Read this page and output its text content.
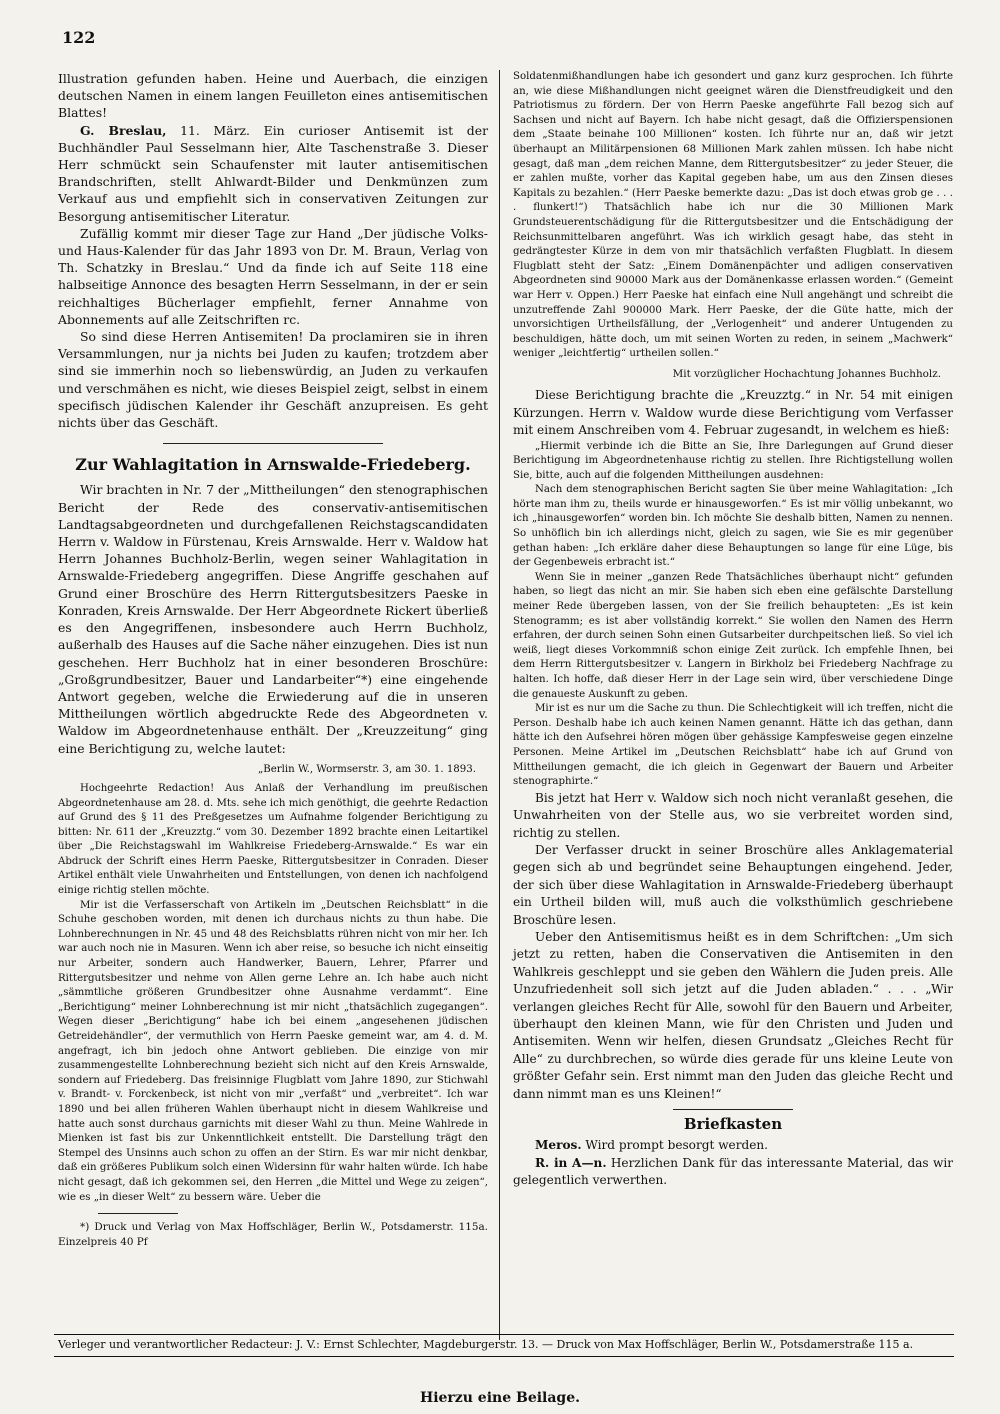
122

Illustration gefunden haben. Heine und Auerbach, die einzigen deutschen Namen in einem langen Feuilleton eines antisemitischen Blattes!

G. Breslau, 11. März. Ein curioser Antisemit ist der Buchhändler Paul Sesselmann hier, Alte Taschenstraße 3. Dieser Herr schmückt sein Schaufenster mit lauter antisemitischen Brandschriften, stellt Ahlwardt-Bilder und Denkmünzen zum Verkauf aus und empfiehlt sich in conservativen Zeitungen zur Besorgung antisemitischer Literatur.

Zufällig kommt mir dieser Tage zur Hand „Der jüdische Volks- und Haus-Kalender für das Jahr 1893 von Dr. M. Braun, Verlag von Th. Schatzky in Breslau.“ Und da finde ich auf Seite 118 eine halbseitige Annonce des besagten Herrn Sesselmann, in der er sein reichhaltiges Bücherlager empfiehlt, ferner Annahme von Abonnements auf alle Zeitschriften rc.

So sind diese Herren Antisemiten! Da proclamiren sie in ihren Versammlungen, nur ja nichts bei Juden zu kaufen; trotzdem aber sind sie immerhin noch so liebenswürdig, an Juden zu verkaufen und verschmähen es nicht, wie dieses Beispiel zeigt, selbst in einem specifisch jüdischen Kalender ihr Geschäft anzupreisen. Es geht nichts über das Geschäft.

Zur Wahlagitation in Arnswalde-Friedeberg.

Wir brachten in Nr. 7 der „Mittheilungen“ den stenographischen Bericht der Rede des conservativ-antisemitischen Landtagsabgeordneten und durchgefallenen Reichstagscandidaten Herrn v. Waldow in Fürstenau, Kreis Arnswalde. Herr v. Waldow hat Herrn Johannes Buchholz-Berlin, wegen seiner Wahlagitation in Arnswalde-Friedeberg angegriffen. Diese Angriffe geschahen auf Grund einer Broschüre des Herrn Rittergutsbesitzers Paeske in Konraden, Kreis Arnswalde. Der Herr Abgeordnete Rickert überließ es den Angegriffenen, insbesondere auch Herrn Buchholz, außerhalb des Hauses auf die Sache näher einzugehen. Dies ist nun geschehen. Herr Buchholz hat in einer besonderen Broschüre: „Großgrundbesitzer, Bauer und Landarbeiter“*) eine eingehende Antwort gegeben, welche die Erwiederung auf die in unseren Mittheilungen wörtlich abgedruckte Rede des Abgeordneten v. Waldow im Abgeordnetenhause enthält. Der „Kreuzzeitung“ ging eine Berichtigung zu, welche lautet:

„Berlin W., Wormserstr. 3, am 30. 1. 1893.

Hochgeehrte Redaction! Aus Anlaß der Verhandlung im preußischen Abgeordnetenhause am 28. d. Mts. sehe ich mich genöthigt, die geehrte Redaction auf Grund des § 11 des Preßgesetzes um Aufnahme folgender Berichtigung zu bitten: Nr. 611 der „Kreuzztg.“ vom 30. Dezember 1892 brachte einen Leitartikel über „Die Reichstagswahl im Wahlkreise Friedeberg-Arnswalde.“ Es war ein Abdruck der Schrift eines Herrn Paeske, Rittergutsbesitzer in Conraden. Dieser Artikel enthält viele Unwahrheiten und Entstellungen, von denen ich nachfolgend einige richtig stellen möchte.

Mir ist die Verfasserschaft von Artikeln im „Deutschen Reichsblatt“ in die Schuhe geschoben worden, mit denen ich durchaus nichts zu thun habe. Die Lohnberechnungen in Nr. 45 und 48 des Reichsblatts rühren nicht von mir her. Ich war auch noch nie in Masuren. Wenn ich aber reise, so besuche ich nicht einseitig nur Arbeiter, sondern auch Handwerker, Bauern, Lehrer, Pfarrer und Rittergutsbesitzer und nehme von Allen gerne Lehre an. Ich habe auch nicht „sämmtliche größeren Grundbesitzer ohne Ausnahme verdammt“. Eine „Berichtigung“ meiner Lohnberechnung ist mir nicht „thatsächlich zugegangen“. Wegen dieser „Berichtigung“ habe ich bei einem „angesehenen jüdischen Getreidehändler“, der vermuthlich von Herrn Paeske gemeint war, am 4. d. M. angefragt, ich bin jedoch ohne Antwort geblieben. Die einzige von mir zusammengestellte Lohnberechnung bezieht sich nicht auf den Kreis Arnswalde, sondern auf Friedeberg. Das freisinnige Flugblatt vom Jahre 1890, zur Stichwahl v. Brandt- v. Forckenbeck, ist nicht von mir „verfaßt“ und „verbreitet“. Ich war 1890 und bei allen früheren Wahlen überhaupt nicht in diesem Wahlkreise und hatte auch sonst durchaus garnichts mit dieser Wahl zu thun. Meine Wahlrede in Mienken ist fast bis zur Unkenntlichkeit entstellt. Die Darstellung trägt den Stempel des Unsinns auch schon zu offen an der Stirn. Es war mir nicht denkbar, daß ein größeres Publikum solch einen Widersinn für wahr halten würde. Ich habe nicht gesagt, daß ich gekommen sei, den Herren „die Mittel und Wege zu zeigen“, wie es „in dieser Welt“ zu bessern wäre. Ueber die

*) Druck und Verlag von Max Hoffschläger, Berlin W., Potsdamerstr. 115a. Einzelpreis 40 Pf

Soldatenmißhandlungen habe ich gesondert und ganz kurz gesprochen. Ich führte an, wie diese Mißhandlungen nicht geeignet wären die Dienstfreudigkeit und den Patriotismus zu fördern. Der von Herrn Paeske angeführte Fall bezog sich auf Sachsen und nicht auf Bayern. Ich habe nicht gesagt, daß die Offizierspensionen dem „Staate beinahe 100 Millionen“ kosten. Ich führte nur an, daß wir jetzt überhaupt an Militärpensionen 68 Millionen Mark zahlen müssen. Ich habe nicht gesagt, daß man „dem reichen Manne, dem Rittergutsbesitzer“ zu jeder Steuer, die er zahlen mußte, vorher das Kapital gegeben habe, um aus den Zinsen dieses Kapitals zu bezahlen.“ (Herr Paeske bemerkte dazu: „Das ist doch etwas grob ge . . . . flunkert!“) Thatsächlich habe ich nur die 30 Millionen Mark Grundsteuerentschädigung für die Rittergutsbesitzer und die Entschädigung der Reichsunmittelbaren angeführt. Was ich wirklich gesagt habe, das steht in gedrängtester Kürze in dem von mir thatsächlich verfaßten Flugblatt. In diesem Flugblatt steht der Satz: „Einem Domänenpächter und adligen conservativen Abgeordneten sind 90000 Mark aus der Domänenkasse erlassen worden.“ (Gemeint war Herr v. Oppen.) Herr Paeske hat einfach eine Null angehängt und schreibt die unzutreffende Zahl 900000 Mark. Herr Paeske, der die Güte hatte, mich der unvorsichtigen Urtheilsfällung, der „Verlogenheit“ und anderer Untugenden zu beschuldigen, hätte doch, um mit seinen Worten zu reden, in seinem „Machwerk“ weniger „leichtfertig“ urtheilen sollen.“

Mit vorzüglicher Hochachtung Johannes Buchholz.

Diese Berichtigung brachte die „Kreuzztg.“ in Nr. 54 mit einigen Kürzungen. Herrn v. Waldow wurde diese Berichtigung vom Verfasser mit einem Anschreiben vom 4. Februar zugesandt, in welchem es hieß:

„Hiermit verbinde ich die Bitte an Sie, Ihre Darlegungen auf Grund dieser Berichtigung im Abgeordnetenhause richtig zu stellen. Ihre Richtigstellung wollen Sie, bitte, auch auf die folgenden Mittheilungen ausdehnen:

Nach dem stenographischen Bericht sagten Sie über meine Wahlagitation: „Ich hörte man ihm zu, theils wurde er hinausgeworfen.“ Es ist mir völlig unbekannt, wo ich „hinausgeworfen“ worden bin. Ich möchte Sie deshalb bitten, Namen zu nennen. So unhöflich bin ich allerdings nicht, gleich zu sagen, wie Sie es mir gegenüber gethan haben: „Ich erkläre daher diese Behauptungen so lange für eine Lüge, bis der Gegenbeweis erbracht ist.“

Wenn Sie in meiner „ganzen Rede Thatsächliches überhaupt nicht“ gefunden haben, so liegt das nicht an mir. Sie haben sich eben eine gefälschte Darstellung meiner Rede übergeben lassen, von der Sie freilich behaupteten: „Es ist kein Stenogramm; es ist aber vollständig korrekt.“ Sie wollen den Namen des Herrn erfahren, der durch seinen Sohn einen Gutsarbeiter durchpeitschen ließ. So viel ich weiß, liegt dieses Vorkommniß schon einige Zeit zurück. Ich empfehle Ihnen, bei dem Herrn Rittergutsbesitzer v. Langern in Birkholz bei Friedeberg Nachfrage zu halten. Ich hoffe, daß dieser Herr in der Lage sein wird, über verschiedene Dinge die genaueste Auskunft zu geben.

Mir ist es nur um die Sache zu thun. Die Schlechtigkeit will ich treffen, nicht die Person. Deshalb habe ich auch keinen Namen genannt. Hätte ich das gethan, dann hätte ich den Aufsehrei hören mögen über gehässige Kampfesweise gegen einzelne Personen. Meine Artikel im „Deutschen Reichsblatt“ habe ich auf Grund von Mittheilungen gemacht, die ich gleich in Gegenwart der Bauern und Arbeiter stenographirte.“

Bis jetzt hat Herr v. Waldow sich noch nicht veranlaßt gesehen, die Unwahrheiten von der Stelle aus, wo sie verbreitet worden sind, richtig zu stellen.

Der Verfasser druckt in seiner Broschüre alles Anklagematerial gegen sich ab und begründet seine Behauptungen eingehend. Jeder, der sich über diese Wahlagitation in Arnswalde-Friedeberg überhaupt ein Urtheil bilden will, muß auch die volksthümlich geschriebene Broschüre lesen.

Ueber den Antisemitismus heißt es in dem Schriftchen: „Um sich jetzt zu retten, haben die Conservativen die Antisemiten in den Wahlkreis geschleppt und sie geben den Wählern die Juden preis. Alle Unzufriedenheit soll sich jetzt auf die Juden abladen.“ . . . „Wir verlangen gleiches Recht für Alle, sowohl für den Bauern und Arbeiter, überhaupt den kleinen Mann, wie für den Christen und Juden und Antisemiten. Wenn wir helfen, diesen Grundsatz „Gleiches Recht für Alle“ zu durchbrechen, so würde dies gerade für uns kleine Leute von größter Gefahr sein. Erst nimmt man den Juden das gleiche Recht und dann nimmt man es uns Kleinen!“

Briefkasten

Meros. Wird prompt besorgt werden.

R. in A—n. Herzlichen Dank für das interessante Material, das wir gelegentlich verwerthen.

Verleger und verantwortlicher Redacteur: J. V.: Ernst Schlechter, Magdeburgerstr. 13. — Druck von Max Hoffschläger, Berlin W., Potsdamerstraße 115 a.
Hierzu eine Beilage.
